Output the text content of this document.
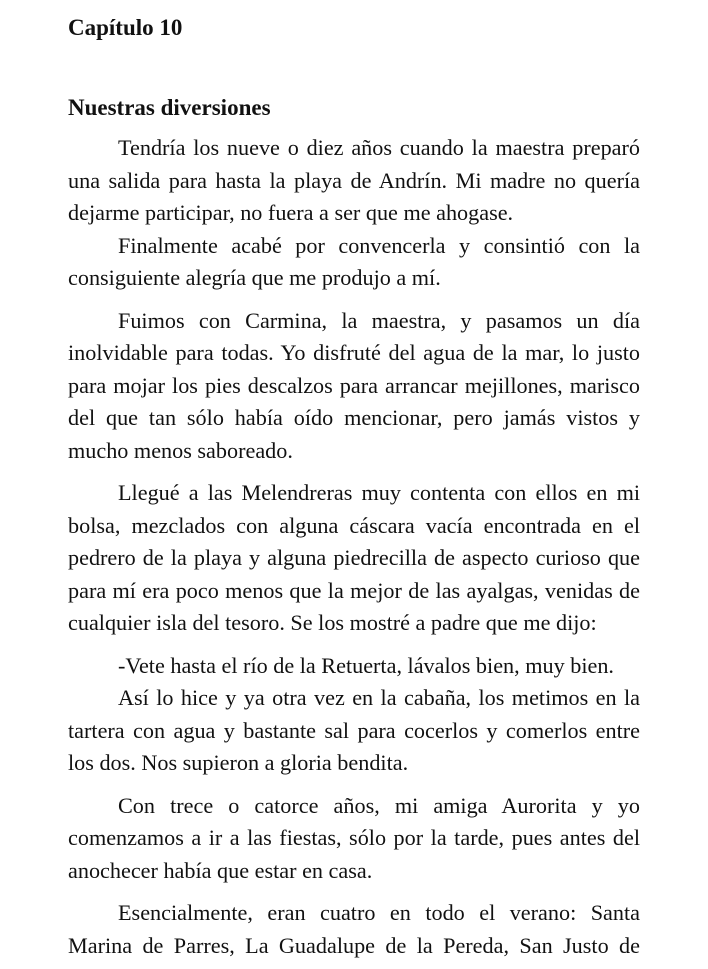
Capítulo 10
Nuestras diversiones

Tendría los nueve o diez años cuando la maestra preparó una salida para hasta la playa de Andrín. Mi madre no quería dejarme participar, no fuera a ser que me ahogase.

Finalmente acabé por convencerla y consintió con la consiguiente alegría que me produjo a mí.

Fuimos con Carmina, la maestra, y pasamos un día inolvidable para todas. Yo disfruté del agua de la mar, lo justo para mojar los pies descalzos para arrancar mejillones, marisco del que tan sólo había oído mencionar, pero jamás vistos y mucho menos saboreado.

Llegué a las Melendreras muy contenta con ellos en mi bolsa, mezclados con alguna cáscara vacía encontrada en el pedrero de la playa y alguna piedrecilla de aspecto curioso que para mí era poco menos que la mejor de las ayalgas, venidas de cualquier isla del tesoro. Se los mostré a padre que me dijo:

-Vete hasta el río de la Retuerta, lávalos bien, muy bien.

Así lo hice y ya otra vez en la cabaña, los metimos en la tartera con agua y bastante sal para cocerlos y comerlos entre los dos. Nos supieron a gloria bendita.

Con trece o catorce años, mi amiga Aurorita y yo comenzamos a ir a las fiestas, sólo por la tarde, pues antes del anochecer había que estar en casa.

Esencialmente, eran cuatro en todo el verano: Santa Marina de Parres, La Guadalupe de la Pereda, San Justo de
